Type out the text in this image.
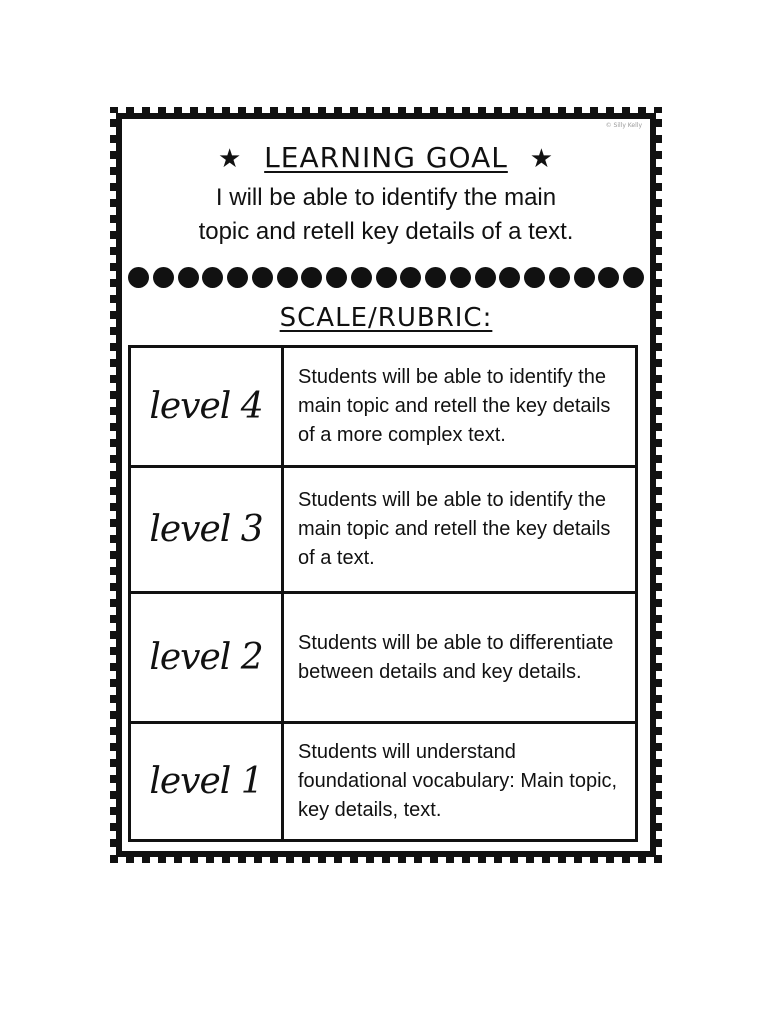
© Silly Kelly
★ LEARNING GOAL ★
I will be able to identify the main
topic and retell key details of a text.
SCALE/RUBRIC:
level 4	Students will be able to identify the main topic and retell the key details of a more complex text.
level 3	Students will be able to identify the main topic and retell the key details of a text.
level 2	Students will be able to differentiate between details and key details.
level 1	Students will understand foundational vocabulary: Main topic, key details, text.
